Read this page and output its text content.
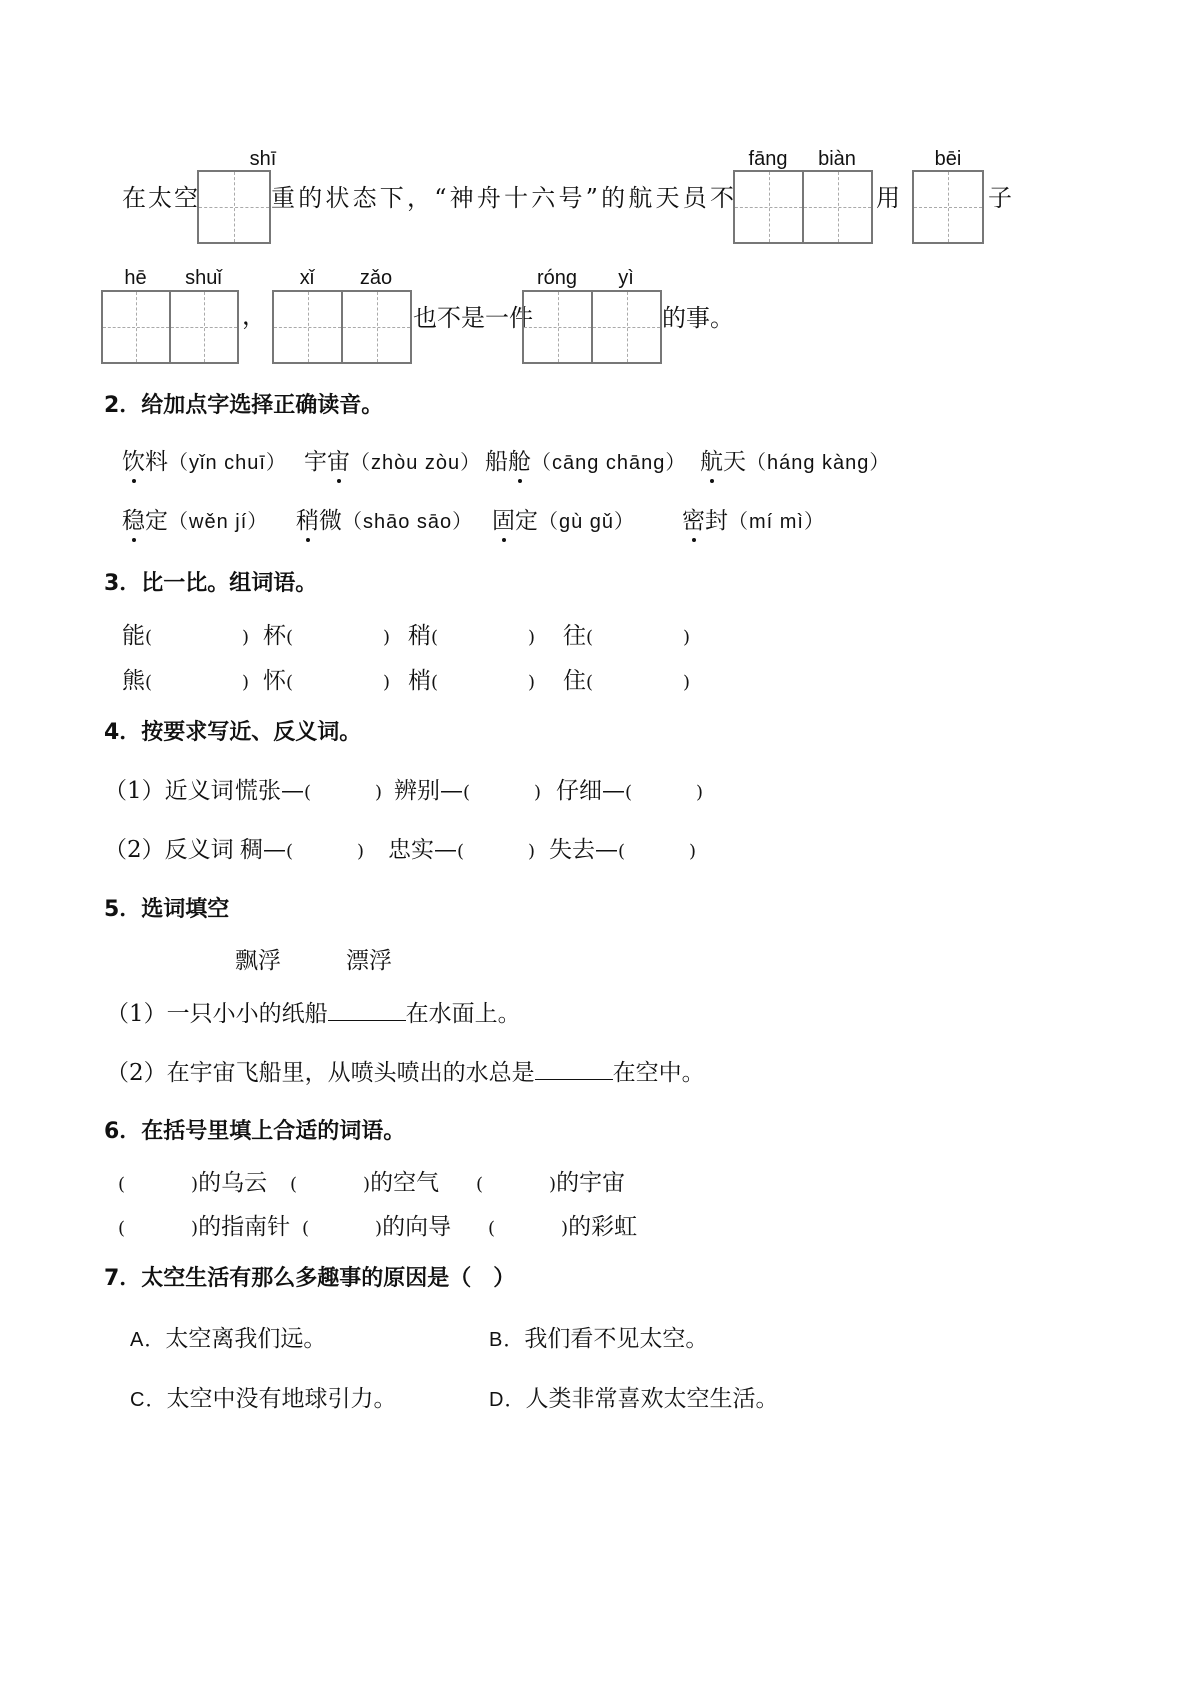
shī
在太空	重的状态下，“神舟十六号”的航天员不
fāng	biàn
用
bēi
子
hē	shuǐ
，
xǐ	zǎo
也不是一件
róng	yì
的事。
2．给加点字选择正确读音。
饮料（yǐn chuī） 宇宙（zhòu zòu） 船舱（cāng chāng） 航天（háng kàng）
稳定（wěn jí） 稍微（shāo sāo） 固定（gù gǔ） 密封（mí mì）
3．比一比。组词语。
能(	) 杯(	) 稍(	) 往(	)
熊(	) 怀(	) 梢(	) 住(	)
4．按要求写近、反义词。
（1）近义词 慌张—(	) 辨别—(	) 仔细—(	)
（2）反义词 稠—(	) 忠实—(	) 失去—(	)
5．选词填空
飘浮	漂浮
（1）一只小小的纸船	在水面上。
（2）在宇宙飞船里，从喷头喷出的水总是	在空中。
6．在括号里填上合适的词语。
(	)的乌云 (	)的空气 (	)的宇宙
(	)的指南针 (	)的向导 (	)的彩虹
7．太空生活有那么多趣事的原因是（　）
A．太空离我们远。	B．我们看不见太空。
C．太空中没有地球引力。	D．人类非常喜欢太空生活。
